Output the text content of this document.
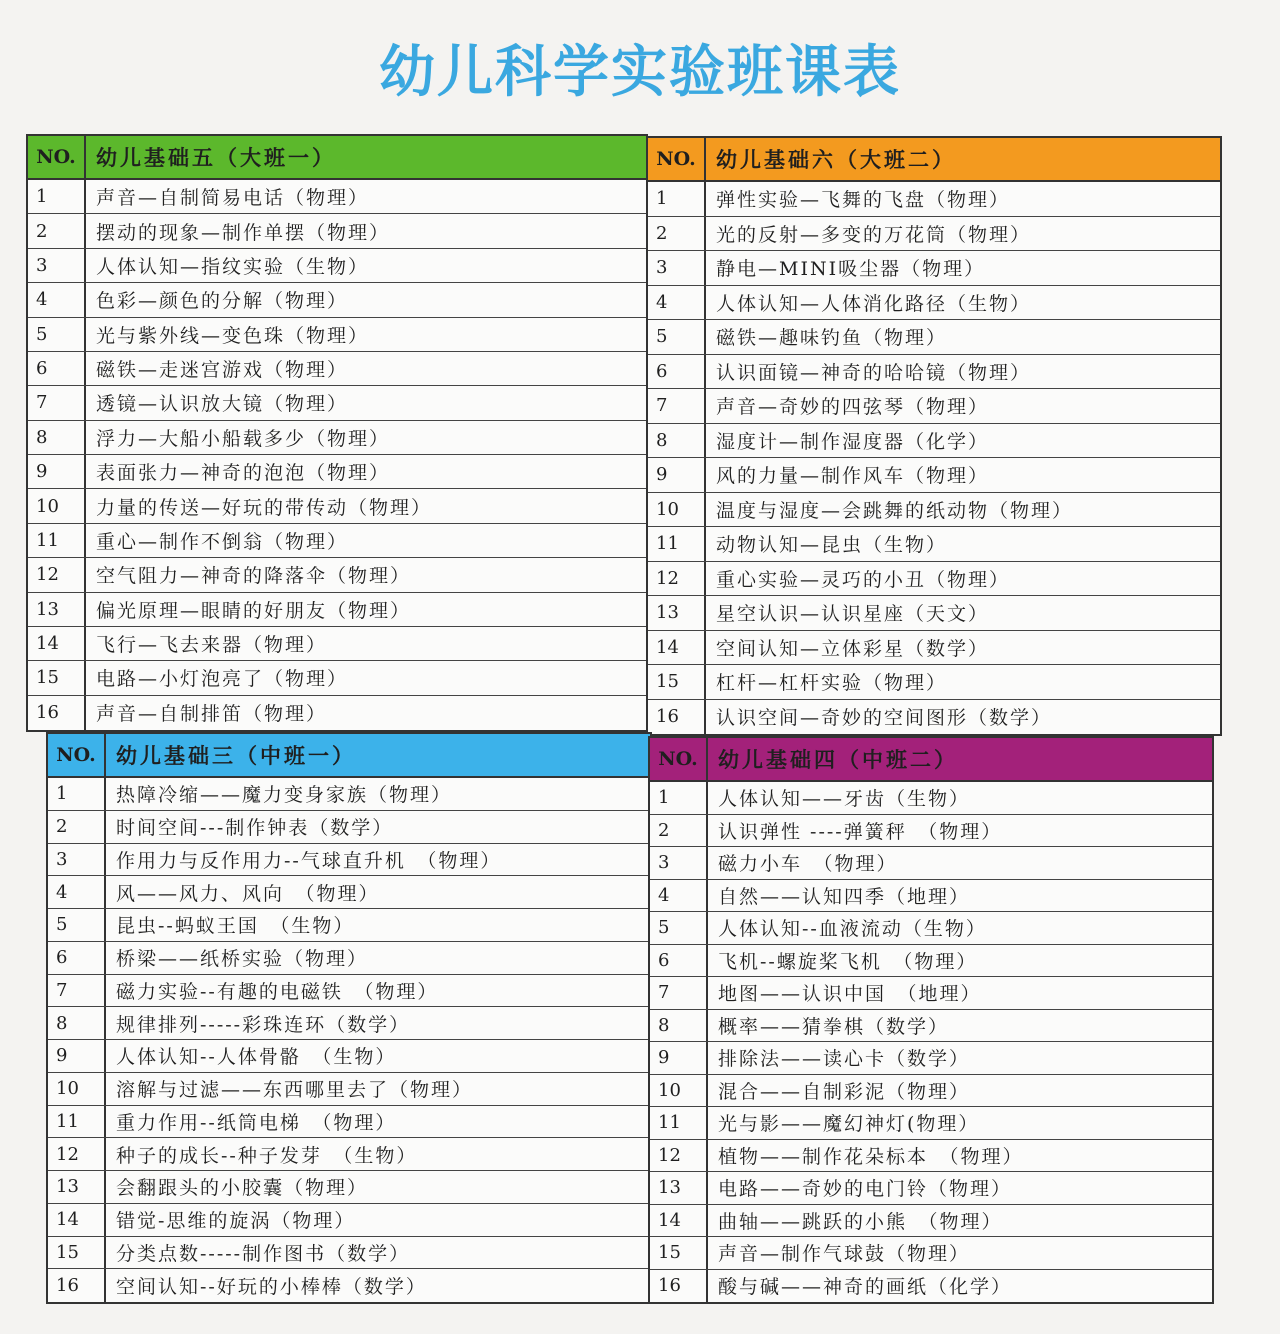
幼儿科学实验班课表
NO. 幼儿基础五（大班一）
1	声音—自制简易电话（物理）
2	摆动的现象—制作单摆（物理）
3	人体认知—指纹实验（生物）
4	色彩—颜色的分解（物理）
5	光与紫外线—变色珠（物理）
6	磁铁—走迷宫游戏（物理）
7	透镜—认识放大镜（物理）
8	浮力—大船小船载多少（物理）
9	表面张力—神奇的泡泡（物理）
10	力量的传送—好玩的带传动（物理）
11	重心—制作不倒翁（物理）
12	空气阻力—神奇的降落伞（物理）
13	偏光原理—眼睛的好朋友（物理）
14	飞行—飞去来器（物理）
15	电路—小灯泡亮了（物理）
16	声音—自制排笛（物理）
NO. 幼儿基础六（大班二）
1	弹性实验—飞舞的飞盘（物理）
2	光的反射—多变的万花筒（物理）
3	静电—MINI吸尘器（物理）
4	人体认知—人体消化路径（生物）
5	磁铁—趣味钓鱼（物理）
6	认识面镜—神奇的哈哈镜（物理）
7	声音—奇妙的四弦琴（物理）
8	湿度计—制作湿度器（化学）
9	风的力量—制作风车（物理）
10	温度与湿度—会跳舞的纸动物（物理）
11	动物认知—昆虫（生物）
12	重心实验—灵巧的小丑（物理）
13	星空认识—认识星座（天文）
14	空间认知—立体彩星（数学）
15	杠杆—杠杆实验（物理）
16	认识空间—奇妙的空间图形（数学）
NO. 幼儿基础三（中班一）
1	热障冷缩——魔力变身家族（物理）
2	时间空间---制作钟表（数学）
3	作用力与反作用力--气球直升机　（物理）
4	风——风力、风向　（物理）
5	昆虫--蚂蚁王国　（生物）
6	桥梁——纸桥实验（物理）
7	磁力实验--有趣的电磁铁　（物理）
8	规律排列-----彩珠连环（数学）
9	人体认知--人体骨骼　（生物）
10	溶解与过滤——东西哪里去了（物理）
11	重力作用--纸筒电梯　（物理）
12	种子的成长--种子发芽　（生物）
13	会翻跟头的小胶囊（物理）
14	错觉-思维的旋涡（物理）
15	分类点数-----制作图书（数学）
16	空间认知--好玩的小棒棒（数学）
NO. 幼儿基础四（中班二）
1	人体认知——牙齿（生物）
2	认识弹性 ----弹簧秤　（物理）
3	磁力小车　（物理）
4	自然——认知四季（地理）
5	人体认知--血液流动（生物）
6	飞机--螺旋桨飞机　（物理）
7	地图——认识中国　（地理）
8	概率——猜拳棋（数学）
9	排除法——读心卡（数学）
10	混合——自制彩泥（物理）
11	光与影——魔幻神灯(物理）
12	植物——制作花朵标本　（物理）
13	电路——奇妙的电门铃（物理）
14	曲轴——跳跃的小熊　（物理）
15	声音—制作气球鼓（物理）
16	酸与碱——神奇的画纸（化学）
